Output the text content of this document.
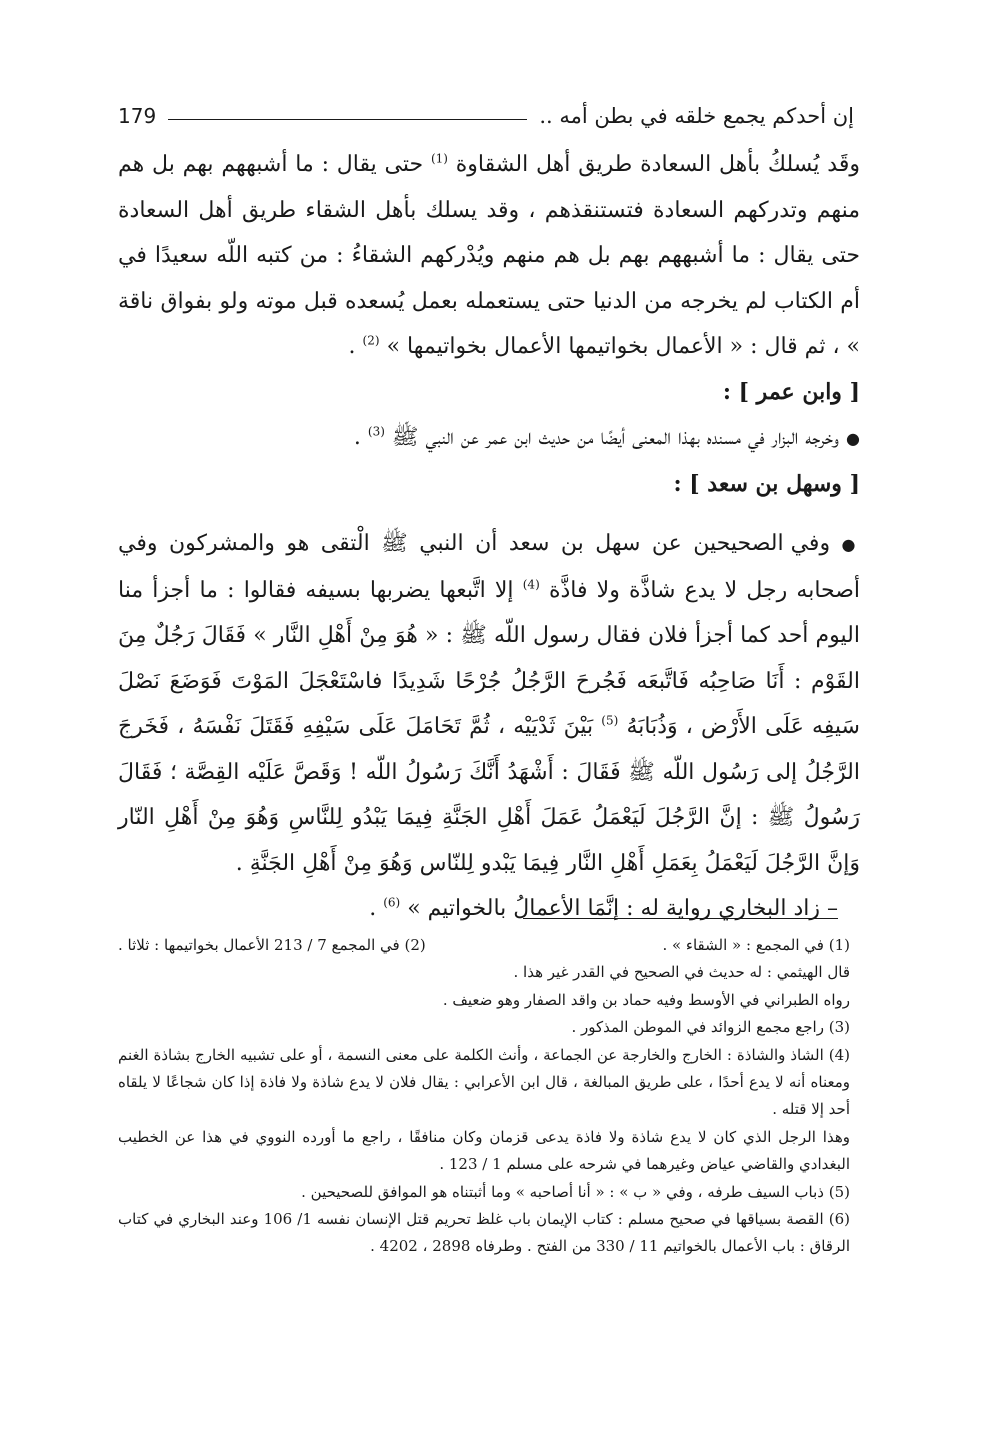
إن أحدكم يجمع خلقه في بطن أمه ..
179

وقَد يُسلكُ بأهل السعادة طريق أهل الشقاوة $^{(1)}$ حتى يقال : ما أشبههم بهم بل هم منهم وتدركهم السعادة فتستنقذهم ، وقد يسلك بأهل الشقاء طريق أهل السعادة حتى يقال : ما أشبههم بهم بل هم منهم ويُدْركهم الشقاءُ : من كتبه اللّه سعيدًا في أم الكتاب لم يخرجه من الدنيا حتى يستعمله بعمل يُسعده قبل موته ولو بفواق ناقة » ، ثم قال : « الأعمال بخواتيمها الأعمال بخواتيمها » $^{(2)}$ .

[ وابن عمر ] :

● وخرجه البزار في مسنده بهذا المعنى أيضًا من حديث ابن عمر عن النبي ﷺ $^{(3)}$ .

[ وسهل بن سعد ] :

● وفي الصحيحين عن سهل بن سعد أن النبي ﷺ الْتقى هو والمشركون وفي أصحابه رجل لا يدع شاذَّة ولا فاذَّة $^{(4)}$ إلا اتَّبعها يضربها بسيفه فقالوا : ما أجزأ منا اليوم أحد كما أجزأ فلان فقال رسول اللّه ﷺ : « هُوَ مِنْ أَهْلِ النَّار » فَقَالَ رَجُلٌ مِنَ القَوْم : أَنَا صَاحِبُه فَاتَّبعَه فَجُرحَ الرَّجُلُ جُرْحًا شَدِيدًا فاسْتَعْجَلَ المَوْتَ فَوَضَعَ نَصْلَ سَيفِه عَلَى الأَرْض ، وَذُبَابَهُ $^{(5)}$ بَيْنَ ثَدْيَيْه ، ثُمَّ تَحَامَلَ عَلَى سَيْفِهِ فَقَتَلَ نَفْسَهُ ، فَخَرجَ الرَّجُلُ إلى رَسُول اللّه ﷺ فَقَالَ : أَشْهَدُ أَنَّكَ رَسُولُ اللّه ! وَقَصَّ عَلَيْه القِصَّة ؛ فَقَالَ رَسُولُ ﷺ : إنَّ الرَّجُلَ لَيَعْمَلُ عَمَلَ أَهْلِ الجَنَّةِ فِيمَا يَبْدُو لِلنَّاسِ وَهُوَ مِنْ أَهْلِ النّار وَإنَّ الرَّجُلَ لَيَعْمَلُ بِعَمَلِ أَهْلِ النَّار فِيمَا يَبْدو لِلنّاس وَهُوَ مِنْ أَهْلِ الجَنَّةِ .

– زاد البخاري رواية له : إنَّمَا الأعمالُ بالخواتيم » $^{(6)}$ .

(1) في المجمع : « الشقاء » .
(2) في المجمع 7 / 213 الأعمال بخواتيمها : ثلاثا .

قال الهيثمي : له حديث في الصحيح في القدر غير هذا .

رواه الطبراني في الأوسط وفيه حماد بن واقد الصفار وهو ضعيف .

(3) راجع مجمع الزوائد في الموطن المذكور .

(4) الشاذ والشاذة : الخارج والخارجة عن الجماعة ، وأنث الكلمة على معنى النسمة ، أو على تشبيه الخارج بشاذة الغنم ومعناه أنه لا يدع أحدًا ، على طريق المبالغة ، قال ابن الأعرابي : يقال فلان لا يدع شاذة ولا فاذة إذا كان شجاعًا لا يلقاه أحد إلا قتله .

وهذا الرجل الذي كان لا يدع شاذة ولا فاذة يدعى قزمان وكان منافقًا ، راجع ما أورده النووي في هذا عن الخطيب البغدادي والقاضي عياض وغيرهما في شرحه على مسلم 1 / 123 .

(5) ذباب السيف طرفه ، وفي « ب » : « أنا أصاحبه » وما أثبتناه هو الموافق للصحيحين .

(6) القصة بسياقها في صحيح مسلم : كتاب الإيمان باب غلظ تحريم قتل الإنسان نفسه 1/ 106 وعند البخاري في كتاب الرقاق : باب الأعمال بالخواتيم 11 / 330 من الفتح . وطرفاه 2898 ، 4202 .
